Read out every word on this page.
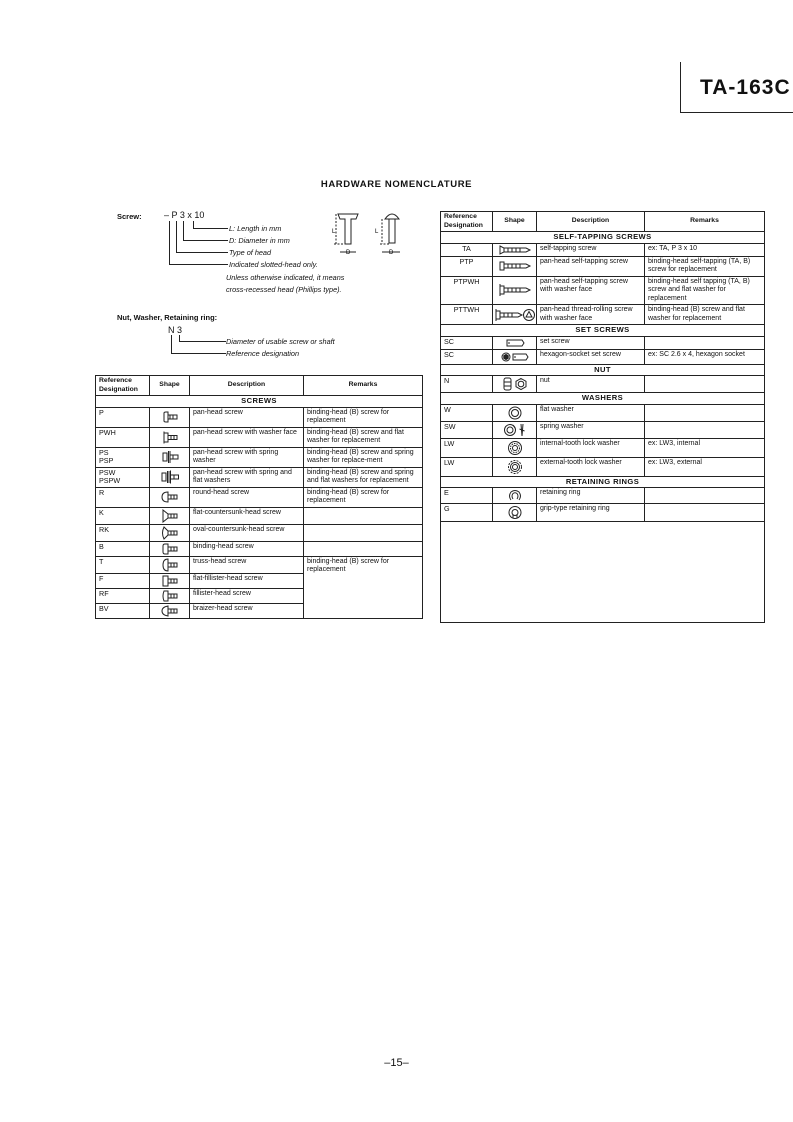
TA-163C
HARDWARE NOMENCLATURE
Screw: – P 3 x 10
L: Length in mm
D: Diameter in mm
Type of head
Indicated slotted-head only.
Unless otherwise indicated, it means
cross-recessed head (Phillips type).
L	L
D	D
Nut, Washer, Retaining ring:
N 3
Diameter of usable screw or shaft
Reference designation
Reference Designation	Shape	Description	Remarks
SCREWS			
P		pan-head screw	binding-head (B) screw for replacement
PWH		pan-head screw with washer face	binding-head (B) screw and flat washer for replacement
PS
PSP		pan-head screw with spring washer	binding-head (B) screw and spring washer for replace-ment
PSW
PSPW		pan-head screw with spring and flat washers	binding-head (B) screw and spring and flat washers for replacement
R		round-head screw	binding-head (B) screw for replacement
K		flat-countersunk-head screw	
RK		oval-countersunk-head screw	
B		binding-head screw	
T		truss-head screw	binding-head (B) screw for replacement
F		flat-fillister-head screw	
RF		fillister-head screw	
BV		braizer-head screw	
Reference Designation	Shape	Description	Remarks
SELF-TAPPING SCREWS			
TA		self-tapping screw	ex: TA, P 3 x 10
PTP		pan-head self-tapping screw	binding-head self-tapping (TA, B) screw for replacement
PTPWH		pan-head self-tapping screw with washer face	binding-head self tapping (TA, B) screw and flat washer for replacement
PTTWH		pan-head thread-rolling screw with washer face	binding-head (B) screw and flat washer for replacement
SET SCREWS			
SC		set screw	
SC		hexagon-socket set screw	ex: SC 2.6 x 4, hexagon socket
NUT			
N		nut	
WASHERS			
W		flat washer	
SW		spring washer	
LW		internal-tooth lock washer	ex: LW3, internal
LW		external-tooth lock washer	ex: LW3, external
RETAINING RINGS			
E		retaining ring	
G		grip-type retaining ring	

–15–
